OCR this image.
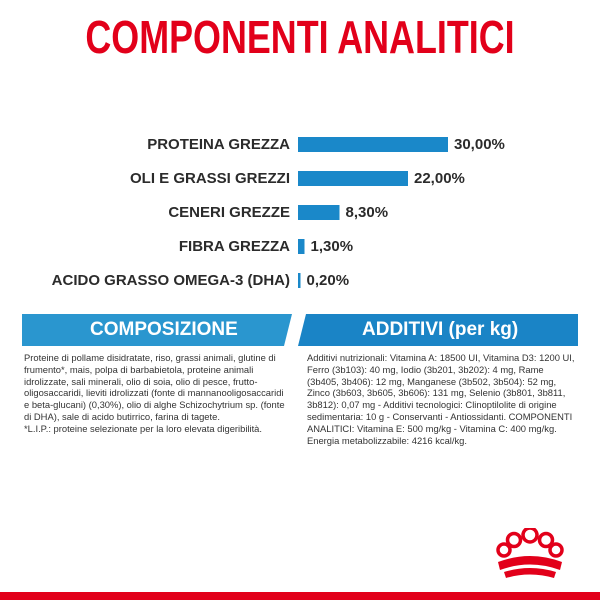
COMPONENTI ANALITICI
PROTEINA GREZZA	30,00%
OLI E GRASSI GREZZI	22,00%
CENERI GREZZE	8,30%
FIBRA GREZZA 1,30%
ACIDO GRASSO OMEGA-3 (DHA) 0,20%
COMPOSIZIONE	ADDITIVI (per kg)
Proteine di pollame disidratate, riso, grassi animali, glutine di frumento*, mais, polpa di barbabietola, proteine animali idrolizzate, sali minerali, olio di soia, olio di pesce, frutto-oligosaccaridi, lieviti idrolizzati (fonte di mannanooligosaccaridi e beta-glucani) (0,30%), olio di alghe Schizochytrium sp. (fonte di DHA), sale di acido butirrico, farina di tagete.
*L.I.P.: proteine selezionate per la loro elevata digeribilità.
Additivi nutrizionali: Vitamina A: 18500 UI, Vitamina D3: 1200 UI, Ferro (3b103): 40 mg, Iodio (3b201, 3b202): 4 mg, Rame (3b405, 3b406): 12 mg, Manganese (3b502, 3b504): 52 mg, Zinco (3b603, 3b605, 3b606): 131 mg, Selenio (3b801, 3b811, 3b812): 0,07 mg - Additivi tecnologici: Clinoptilolite di origine sedimentaria: 10 g - Conservanti - Antiossidanti. COMPONENTI ANALITICI: Vitamina E: 500 mg/kg - Vitamina C: 400 mg/kg. Energia metabolizzabile: 4216 kcal/kg.
